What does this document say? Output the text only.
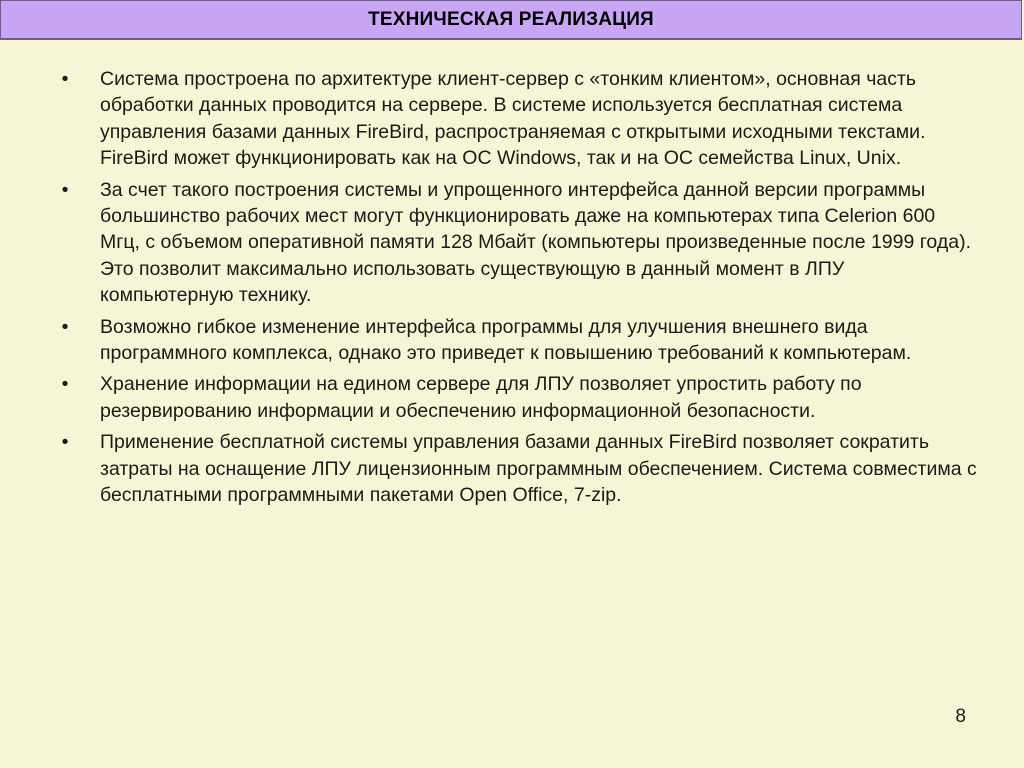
ТЕХНИЧЕСКАЯ РЕАЛИЗАЦИЯ
• Система простроена по архитектуре клиент-сервер с «тонким клиентом», основная часть обработки данных проводится на сервере. В системе используется бесплатная система управления базами данных FireBird, распространяемая с открытыми исходными текстами. FireBird может функционировать как на ОС Windows, так и на ОС семейства Linux, Unix.
• За счет такого построения системы и упрощенного интерфейса данной версии программы большинство рабочих мест могут функционировать даже на компьютерах типа Celerion 600 Мгц, с объемом оперативной памяти 128 Мбайт (компьютеры произведенные после 1999 года). Это позволит максимально использовать существующую в данный момент в ЛПУ компьютерную технику.
• Возможно гибкое изменение интерфейса программы для улучшения внешнего вида программного комплекса, однако это приведет к повышению требований к компьютерам.
• Хранение информации на едином сервере для ЛПУ позволяет упростить работу по резервированию информации и обеспечению информационной безопасности.
• Применение бесплатной системы управления базами данных FireBird позволяет сократить затраты на оснащение ЛПУ лицензионным программным обеспечением. Система совместима с бесплатными программными пакетами Open Office, 7-zip.
8
